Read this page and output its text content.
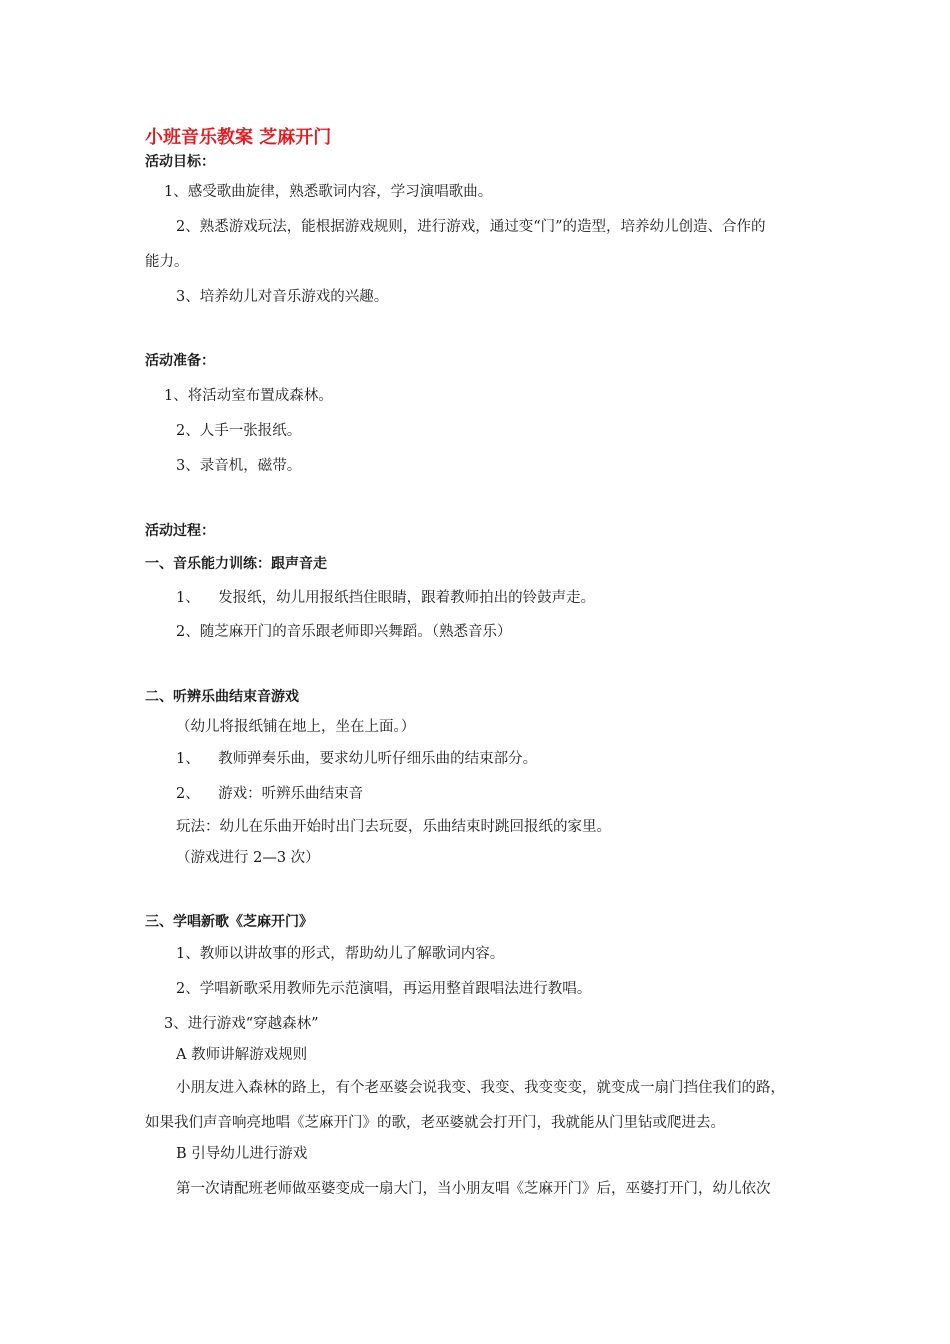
小班音乐教案 芝麻开门
活动目标：
1、感受歌曲旋律，熟悉歌词内容，学习演唱歌曲。
2、熟悉游戏玩法，能根据游戏规则，进行游戏，通过变“门”的造型，培养幼儿创造、合作的
能力。
3、培养幼儿对音乐游戏的兴趣。
活动准备：
1、将活动室布置成森林。
2、人手一张报纸。
3、录音机，磁带。
活动过程：
一、音乐能力训练：跟声音走
1、    发报纸，幼儿用报纸挡住眼睛，跟着教师拍出的铃鼓声走。
2、随芝麻开门的音乐跟老师即兴舞蹈。（熟悉音乐）
二、听辨乐曲结束音游戏
（幼儿将报纸铺在地上，坐在上面。）
1、    教师弹奏乐曲，要求幼儿听仔细乐曲的结束部分。
2、    游戏：听辨乐曲结束音
玩法：幼儿在乐曲开始时出门去玩耍，乐曲结束时跳回报纸的家里。
（游戏进行 2—3 次）
三、学唱新歌《芝麻开门》
1、教师以讲故事的形式，帮助幼儿了解歌词内容。
2、学唱新歌采用教师先示范演唱，再运用整首跟唱法进行教唱。
3、进行游戏“穿越森林”
A 教师讲解游戏规则
小朋友进入森林的路上，有个老巫婆会说我变、我变、我变变变，就变成一扇门挡住我们的路，
如果我们声音响亮地唱《芝麻开门》的歌，老巫婆就会打开门，我就能从门里钻或爬进去。
B 引导幼儿进行游戏
第一次请配班老师做巫婆变成一扇大门，当小朋友唱《芝麻开门》后，巫婆打开门，幼儿依次
